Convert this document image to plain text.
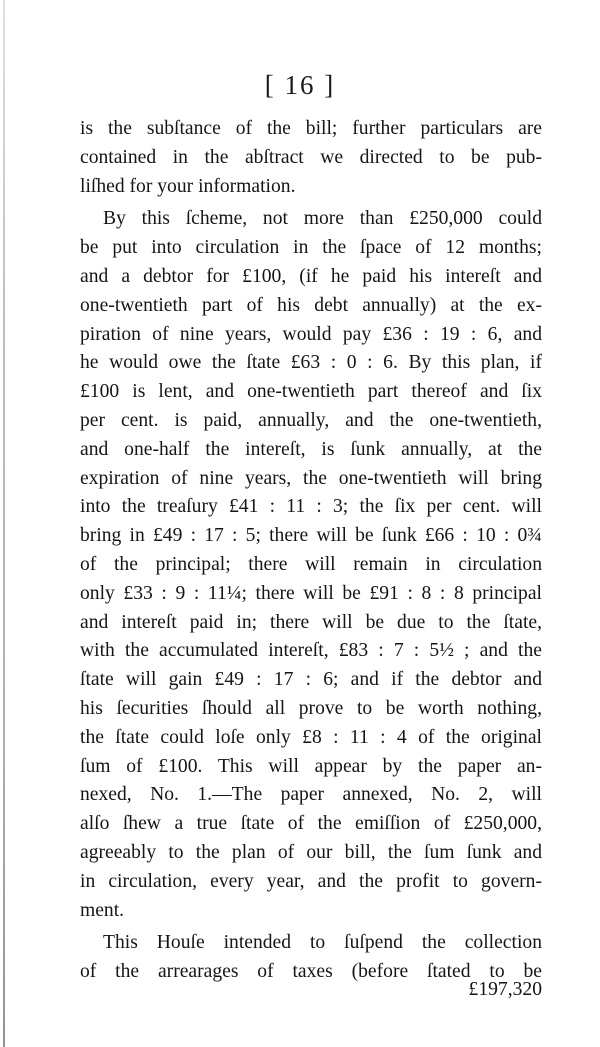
[ 16 ]
is the subſtance of the bill; further particulars are
contained in the abſtract we directed to be pub-
liſhed for your information.
By this ſcheme, not more than £250,000 could
be put into circulation in the ſpace of 12 months;
and a debtor for £100, (if he paid his intereſt and
one-twentieth part of his debt annually) at the ex-
piration of nine years, would pay £36 : 19 : 6, and
he would owe the ſtate £63 : 0 : 6. By this plan, if
£100 is lent, and one-twentieth part thereof and ſix
per cent. is paid, annually, and the one-twentieth,
and one-half the intereſt, is ſunk annually, at the
expiration of nine years, the one-twentieth will bring
into the treaſury £41 : 11 : 3; the ſix per cent. will
bring in £49 : 17 : 5; there will be ſunk £66 : 10 : 0¾
of the principal; there will remain in circulation
only £33 : 9 : 11¼; there will be £91 : 8 : 8 principal
and intereſt paid in; there will be due to the ſtate,
with the accumulated intereſt, £83 : 7 : 5½ ; and the
ſtate will gain £49 : 17 : 6; and if the debtor and
his ſecurities ſhould all prove to be worth nothing,
the ſtate could loſe only £8 : 11 : 4 of the original
ſum of £100. This will appear by the paper an-
nexed, No. 1.—The paper annexed, No. 2, will
alſo ſhew a true ſtate of the emiſſion of £250,000,
agreeably to the plan of our bill, the ſum ſunk and
in circulation, every year, and the profit to govern-
ment.
This Houſe intended to ſuſpend the collection
of the arrearages of taxes (before ſtated to be
£197,320
